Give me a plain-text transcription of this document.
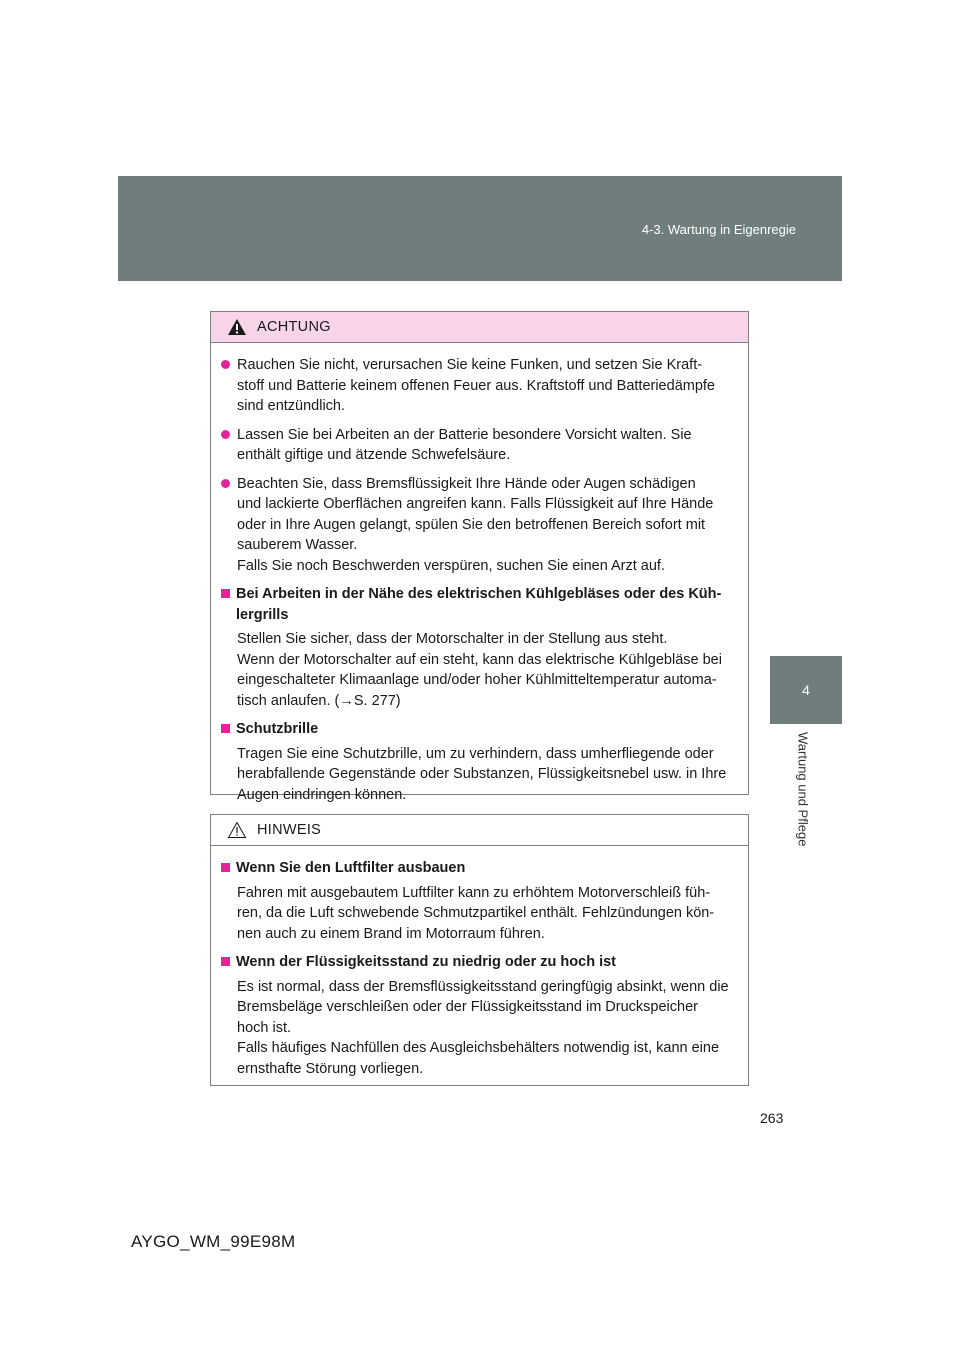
4-3. Wartung in Eigenregie
4
Wartung und Pflege
ACHTUNG
Rauchen Sie nicht, verursachen Sie keine Funken, und setzen Sie Kraft-
stoff und Batterie keinem offenen Feuer aus. Kraftstoff und Batteriedämpfe
sind entzündlich.
Lassen Sie bei Arbeiten an der Batterie besondere Vorsicht walten. Sie
enthält giftige und ätzende Schwefelsäure.
Beachten Sie, dass Bremsflüssigkeit Ihre Hände oder Augen schädigen
und lackierte Oberflächen angreifen kann. Falls Flüssigkeit auf Ihre Hände
oder in Ihre Augen gelangt, spülen Sie den betroffenen Bereich sofort mit
sauberem Wasser.
Falls Sie noch Beschwerden verspüren, suchen Sie einen Arzt auf.
Bei Arbeiten in der Nähe des elektrischen Kühlgebläses oder des Küh-
lergrills
Stellen Sie sicher, dass der Motorschalter in der Stellung aus steht.
Wenn der Motorschalter auf ein steht, kann das elektrische Kühlgebläse bei
eingeschalteter Klimaanlage und/oder hoher Kühlmitteltemperatur automa-
tisch anlaufen. (→S. 277)
Schutzbrille
Tragen Sie eine Schutzbrille, um zu verhindern, dass umherfliegende oder
herabfallende Gegenstände oder Substanzen, Flüssigkeitsnebel usw. in Ihre
Augen eindringen können.
HINWEIS
Wenn Sie den Luftfilter ausbauen
Fahren mit ausgebautem Luftfilter kann zu erhöhtem Motorverschleiß füh-
ren, da die Luft schwebende Schmutzpartikel enthält. Fehlzündungen kön-
nen auch zu einem Brand im Motorraum führen.
Wenn der Flüssigkeitsstand zu niedrig oder zu hoch ist
Es ist normal, dass der Bremsflüssigkeitsstand geringfügig absinkt, wenn die
Bremsbeläge verschleißen oder der Flüssigkeitsstand im Druckspeicher
hoch ist.
Falls häufiges Nachfüllen des Ausgleichsbehälters notwendig ist, kann eine
ernsthafte Störung vorliegen.
263
AYGO_WM_99E98M
